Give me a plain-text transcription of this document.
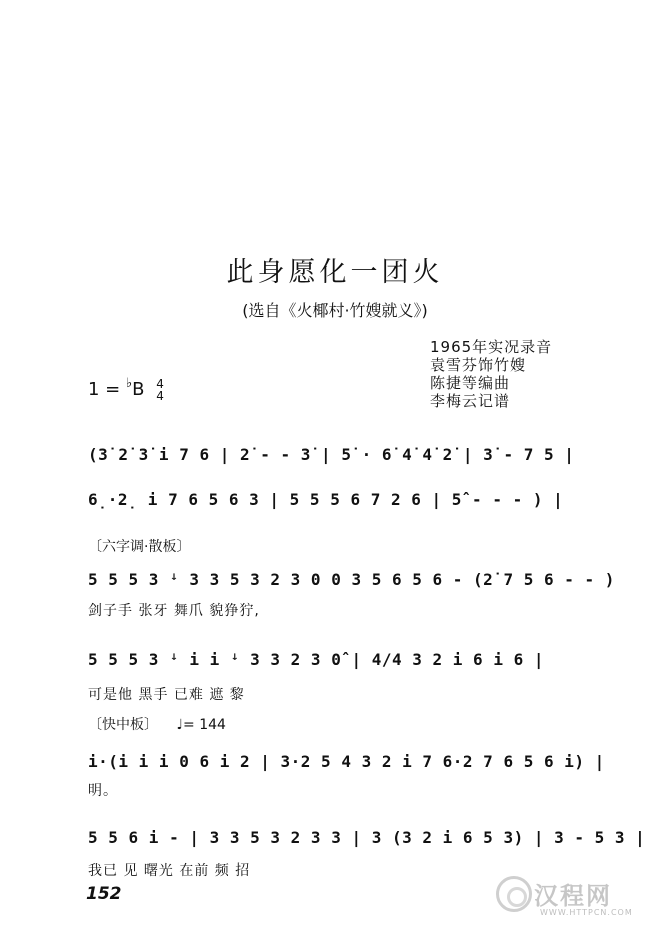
此身愿化一团火
(选自《火椰村·竹嫂就义》)
1965年实况录音
袁雪芬饰竹嫂
陈捷等编曲
李梅云记谱
1 = ♭B 4
4
(3̇ 2̇ 3̇ i 7 6 | 2̇ - - 3̇ | 5̇ · 6̇ 4̇ 4̇ 2̇ | 3̇ - 7 5 |
6̣·2̣ i 7 6 5 6 3 | 5 5 5 6 7 2 6 | 5̂ - - - ) |
〔六字调·散板〕
5 5 5 3 ꜜ 3 3 5 3 2 3 0 0 3 5 6 5 6 - (2̇ 7 5 6 - - )
剑子手 张牙 舞爪 貌狰狞,
5 5 5 3 ꜜ i i ꜜ 3 3 2 3 0̂ | 4/4 3 2 i 6 i 6 |
可是他 黑手 已难 遮 黎
〔快中板〕 ♩= 144
i·(i i i 0 6 i 2 | 3·2 5 4 3 2 i 7 6·2 7 6 5 6 i) |
明。
5 5 6 i - | 3 3 5 3 2 3 3 | 3 (3 2 i 6 5 3) | 3 - 5 3 |
我已 见 曙光 在前 频 招
152	汉程网
WWW.HTTPCN.COM
